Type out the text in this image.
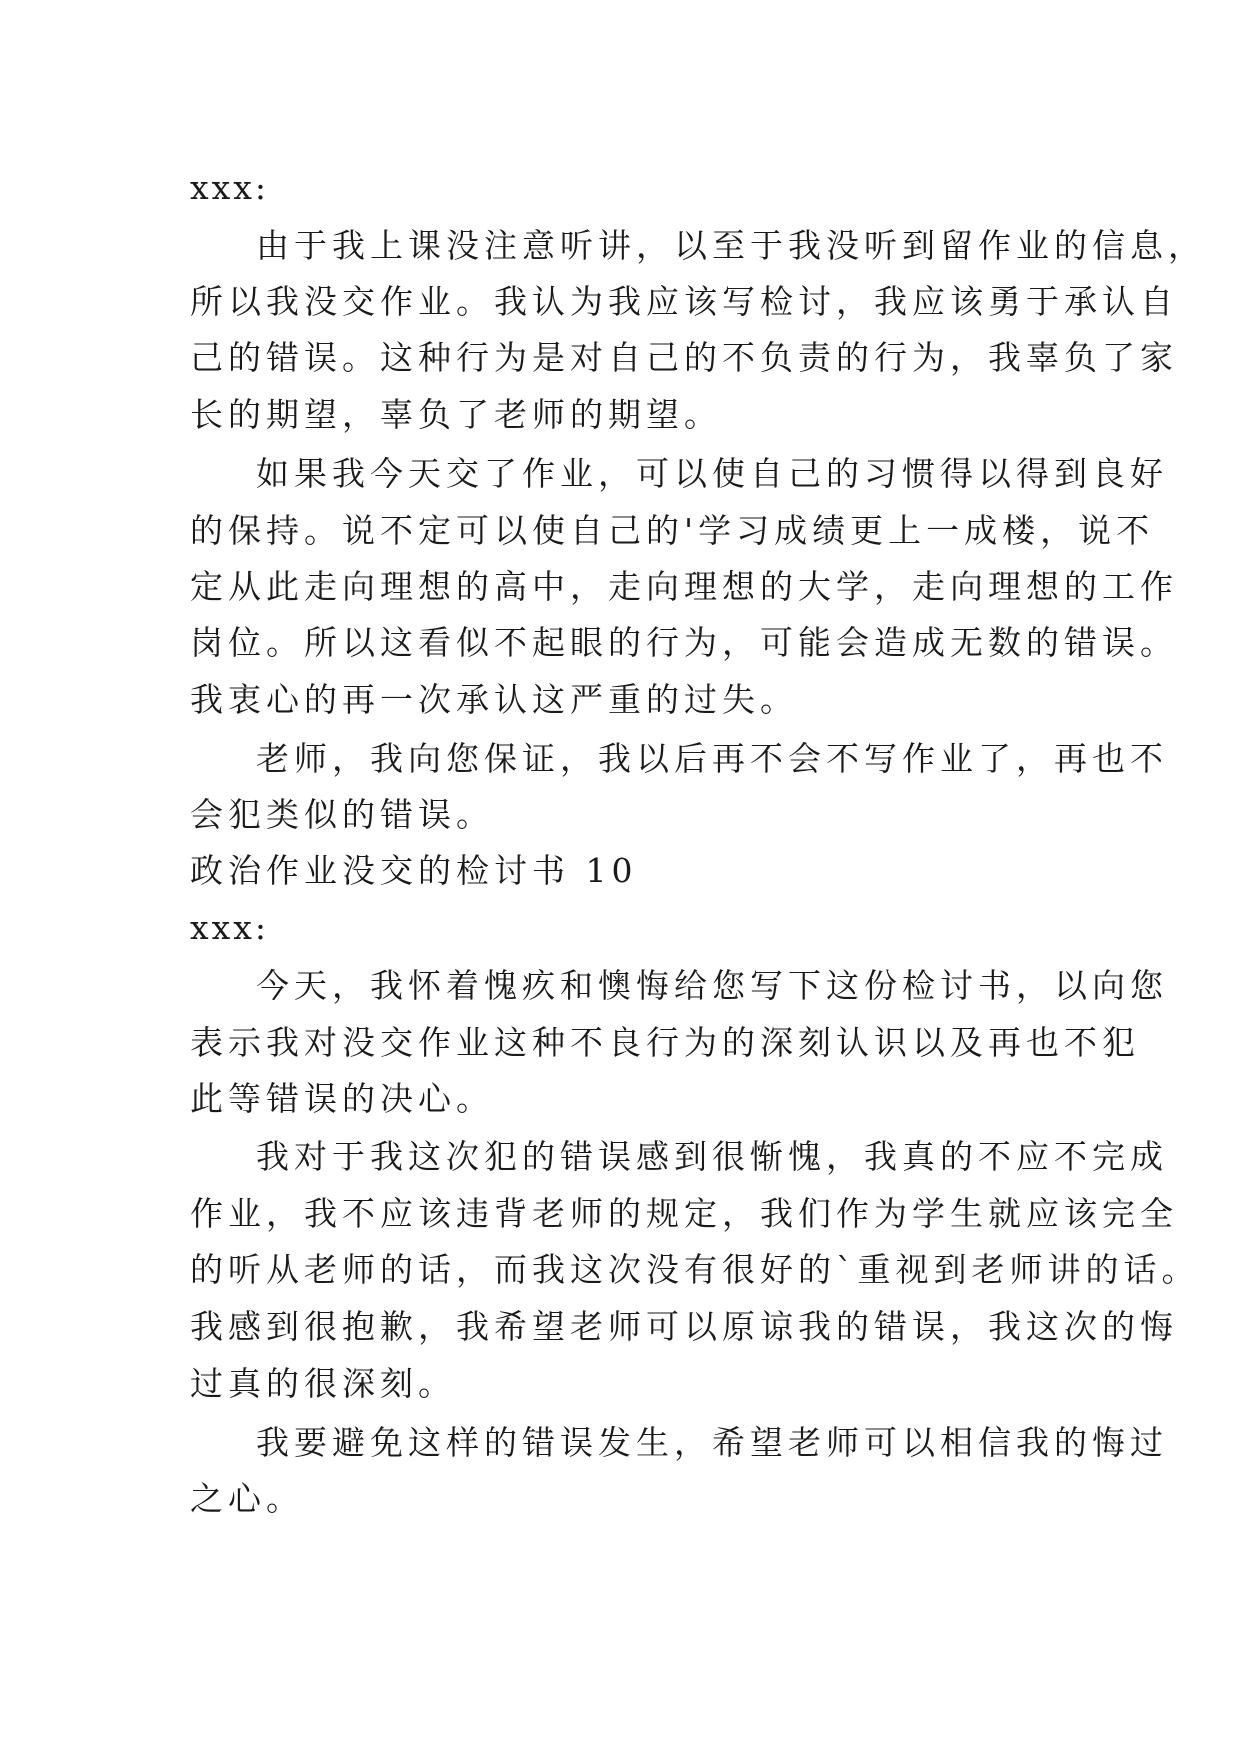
xxx:

由于我上课没注意听讲，以至于我没听到留作业的信息，

所以我没交作业。我认为我应该写检讨，我应该勇于承认自

己的错误。这种行为是对自己的不负责的行为，我辜负了家

长的期望，辜负了老师的期望。

如果我今天交了作业，可以使自己的习惯得以得到良好

的保持。说不定可以使自己的'学习成绩更上一成楼，说不

定从此走向理想的高中，走向理想的大学，走向理想的工作

岗位。所以这看似不起眼的行为，可能会造成无数的错误。

我衷心的再一次承认这严重的过失。

老师，我向您保证，我以后再不会不写作业了，再也不

会犯类似的错误。

政治作业没交的检讨书 10

xxx:

今天，我怀着愧疚和懊悔给您写下这份检讨书，以向您

表示我对没交作业这种不良行为的深刻认识以及再也不犯

此等错误的决心。

我对于我这次犯的错误感到很惭愧，我真的不应不完成

作业，我不应该违背老师的规定，我们作为学生就应该完全

的听从老师的话，而我这次没有很好的`重视到老师讲的话。

我感到很抱歉，我希望老师可以原谅我的错误，我这次的悔

过真的很深刻。

我要避免这样的错误发生，希望老师可以相信我的悔过

之心。
